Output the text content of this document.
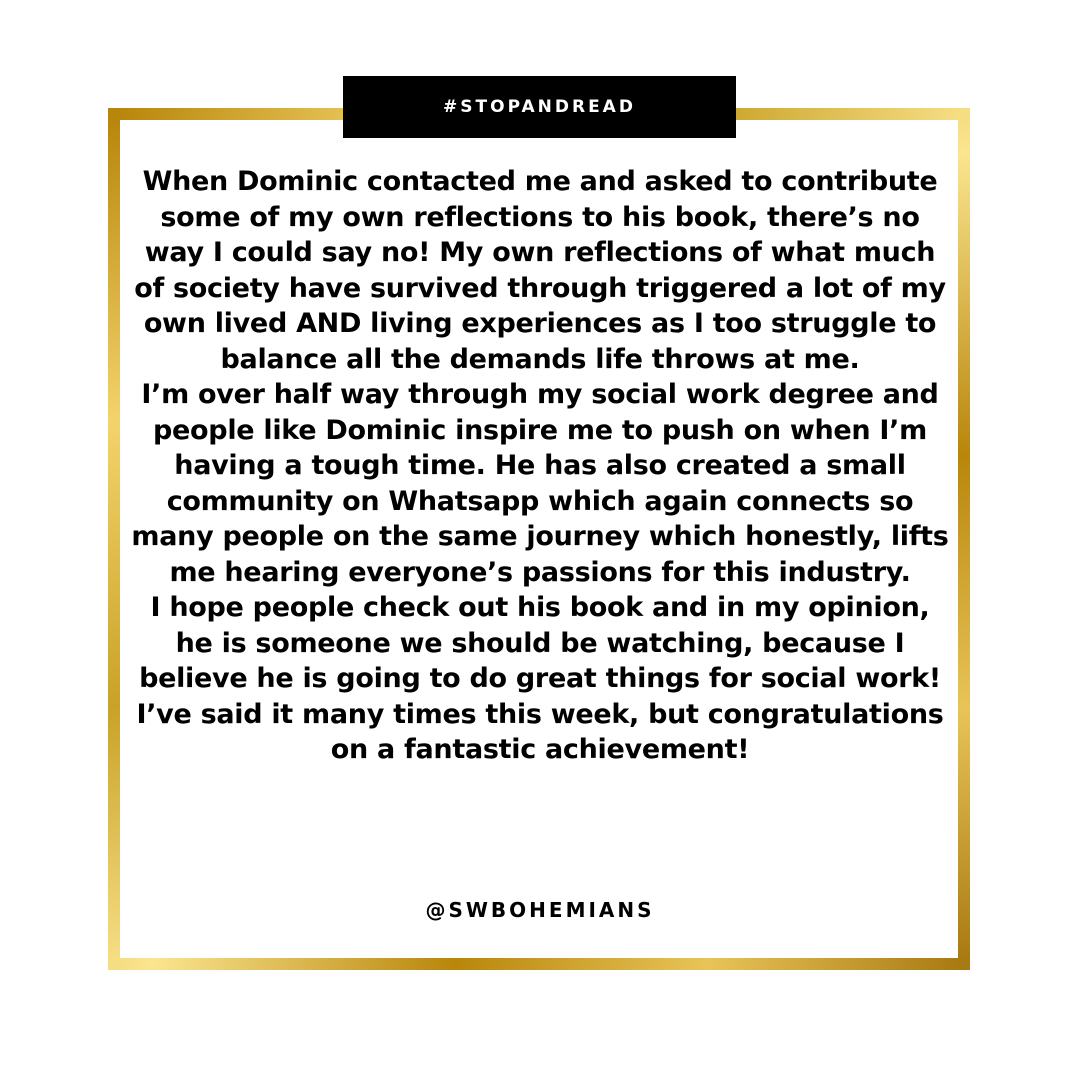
#STOPANDREAD

When Dominic contacted me and asked to contribute some of my own reflections to his book, there’s no way I could say no! My own reflections of what much of society have survived through triggered a lot of my own lived AND living experiences as I too struggle to balance all the demands life throws at me.

I’m over half way through my social work degree and people like Dominic inspire me to push on when I’m having a tough time. He has also created a small community on Whatsapp which again connects so many people on the same journey which honestly, lifts me hearing everyone’s passions for this industry.

I hope people check out his book and in my opinion, he is someone we should be watching, because I believe he is going to do great things for social work!

I’ve said it many times this week, but congratulations on a fantastic achievement!

@SWBOHEMIANS
